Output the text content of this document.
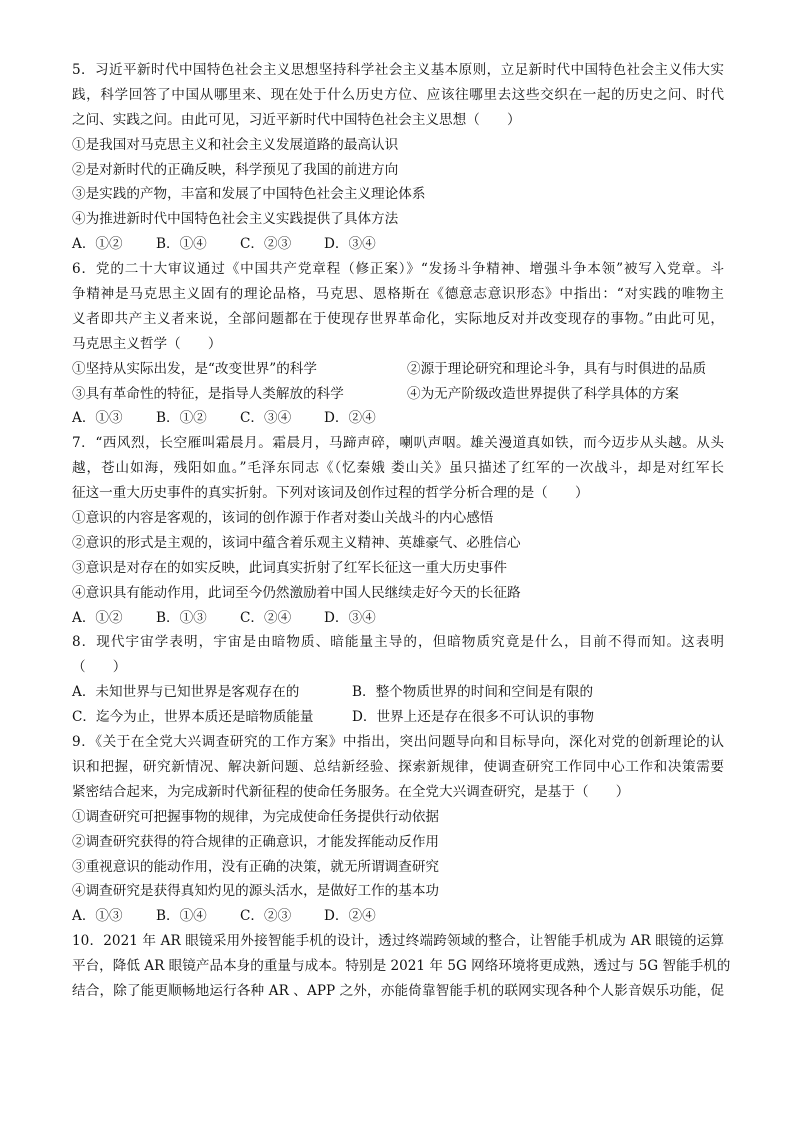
5．习近平新时代中国特色社会主义思想坚持科学社会主义基本原则，立足新时代中国特色社会主义伟大实
践，科学回答了中国从哪里来、现在处于什么历史方位、应该往哪里去这些交织在一起的历史之问、时代
之问、实践之问。由此可见，习近平新时代中国特色社会主义思想（　　）
①是我国对马克思主义和社会主义发展道路的最高认识
②是对新时代的正确反映，科学预见了我国的前进方向
③是实践的产物，丰富和发展了中国特色社会主义理论体系
④为推进新时代中国特色社会主义实践提供了具体方法
A．①② B．①④ C．②③ D．③④
6．党的二十大审议通过《中国共产党章程（修正案）》“发扬斗争精神、增强斗争本领”被写入党章。斗
争精神是马克思主义固有的理论品格，马克思、恩格斯在《德意志意识形态》中指出：“对实践的唯物主
义者即共产主义者来说，全部问题都在于使现存世界革命化，实际地反对并改变现存的事物。”由此可见，
马克思主义哲学（　　）
①坚持从实际出发，是“改变世界”的科学	②源于理论研究和理论斗争，具有与时俱进的品质
③具有革命性的特征，是指导人类解放的科学	④为无产阶级改造世界提供了科学具体的方案
A．①③ B．①② C．③④ D．②④
7．“西风烈，长空雁叫霜晨月。霜晨月，马蹄声碎，喇叭声咽。雄关漫道真如铁，而今迈步从头越。从头
越，苍山如海，残阳如血。”毛泽东同志《（忆秦娥 娄山关》虽只描述了红军的一次战斗，却是对红军长
征这一重大历史事件的真实折射。下列对该词及创作过程的哲学分析合理的是（　　）
①意识的内容是客观的，该词的创作源于作者对娄山关战斗的内心感悟
②意识的形式是主观的，该词中蕴含着乐观主义精神、英雄豪气、必胜信心
③意识是对存在的如实反映，此词真实折射了红军长征这一重大历史事件
④意识具有能动作用，此词至今仍然激励着中国人民继续走好今天的长征路
A．①② B．①③ C．②④ D．③④
8．现代宇宙学表明，宇宙是由暗物质、暗能量主导的，但暗物质究竟是什么，目前不得而知。这表明
（　　）
A．未知世界与已知世界是客观存在的	B．整个物质世界的时间和空间是有限的
C．迄今为止，世界本质还是暗物质能量	D．世界上还是存在很多不可认识的事物
9．《关于在全党大兴调查研究的工作方案》中指出，突出问题导向和目标导向，深化对党的创新理论的认
识和把握，研究新情况、解决新问题、总结新经验、探索新规律，使调查研究工作同中心工作和决策需要
紧密结合起来，为完成新时代新征程的使命任务服务。在全党大兴调查研究，是基于（　　）
①调查研究可把握事物的规律，为完成使命任务提供行动依据
②调查研究获得的符合规律的正确意识，才能发挥能动反作用
③重视意识的能动作用，没有正确的决策，就无所谓调查研究
④调查研究是获得真知灼见的源头活水，是做好工作的基本功
A．①③ B．①④ C．②③ D．②④
10．2021 年 AR 眼镜采用外接智能手机的设计，透过终端跨领域的整合，让智能手机成为 AR 眼镜的运算
平台，降低 AR 眼镜产品本身的重量与成本。特别是 2021 年 5G 网络环境将更成熟，透过与 5G 智能手机的
结合，除了能更顺畅地运行各种 AR 、APP 之外，亦能倚靠智能手机的联网实现各种个人影音娱乐功能，促
